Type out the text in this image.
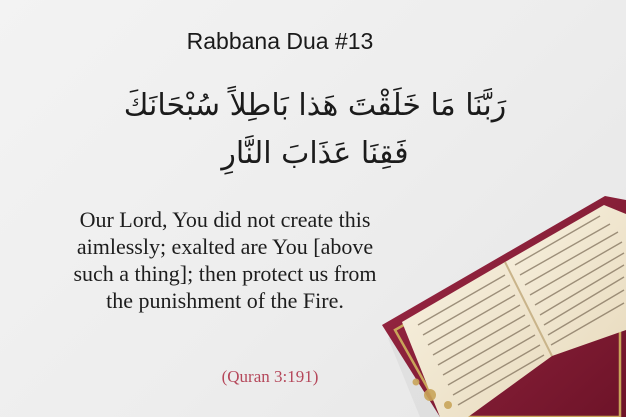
Rabbana Dua #13
رَبَّنَا مَا خَلَقْتَ هَذا بَاطِلاً سُبْحَانَكَ
فَقِنَا عَذَابَ النَّارِ
Our Lord, You did not create this
aimlessly; exalted are You [above
such a thing]; then protect us from
the punishment of the Fire.
(Quran 3:191)
